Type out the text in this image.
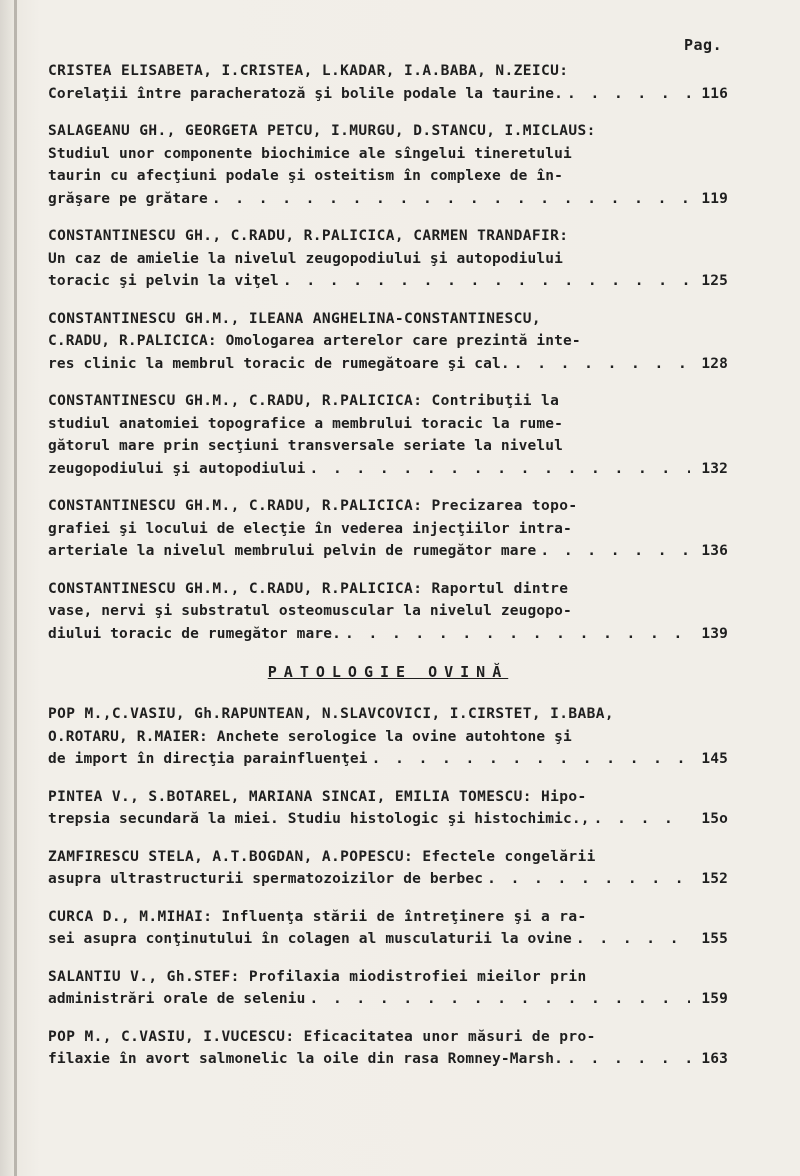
Pag.
CRISTEA ELISABETA, I.CRISTEA, L.KADAR, I.A.BABA, N.ZEICU:
Corelaţii între paracheratoză şi bolile podale la taurine. . . .	116
SALAGEANU GH., GEORGETA PETCU, I.MURGU, D.STANCU, I.MICLAUS:
Studiul unor componente biochimice ale sîngelui tineretului
taurin cu afecţiuni podale şi osteitism în complexe de în-
grăşare pe grătare . . .	119
CONSTANTINESCU GH., C.RADU, R.PALICICA, CARMEN TRANDAFIR:
Un caz de amielie la nivelul zeugopodiului şi autopodiului
toracic şi pelvin la viţel . . .	125
CONSTANTINESCU GH.M., ILEANA ANGHELINA-CONSTANTINESCU,
C.RADU, R.PALICICA: Omologarea arterelor care prezintă inte-
res clinic la membrul toracic de rumegătoare şi cal. . . .	128
CONSTANTINESCU GH.M., C.RADU, R.PALICICA: Contribuţii la
studiul anatomiei topografice a membrului toracic la rume-
gătorul mare prin secţiuni transversale seriate la nivelul
zeugopodiului şi autopodiului . . .	132
CONSTANTINESCU GH.M., C.RADU, R.PALICICA: Precizarea topo-
grafiei şi locului de elecţie în vederea injecţiilor intra-
arteriale la nivelul membrului pelvin de rumegător mare . . .	136
CONSTANTINESCU GH.M., C.RADU, R.PALICICA: Raportul dintre
vase, nervi şi substratul osteomuscular la nivelul zeugopo-
diului toracic de rumegător mare. . . .	139
PATOLOGIE OVINĂ
POP M.,C.VASIU, Gh.RAPUNTEAN, N.SLAVCOVICI, I.CIRSTET, I.BABA,
O.ROTARU, R.MAIER: Anchete serologice la ovine autohtone şi
de import în direcţia parainfluenţei . . .	145
PINTEA V., S.BOTAREL, MARIANA SINCAI, EMILIA TOMESCU: Hipo-
trepsia secundară la miei. Studiu histologic şi histochimic., . . .	15o
ZAMFIRESCU STELA, A.T.BOGDAN, A.POPESCU: Efectele congelării
asupra ultrastructurii spermatozoizilor de berbec . . .	152
CURCA D., M.MIHAI: Influenţa stării de întreţinere şi a ra-
sei asupra conţinutului în colagen al musculaturii la ovine . . .	155
SALANTIU V., Gh.STEF: Profilaxia miodistrofiei mieilor prin
administrări orale de seleniu . . .	159
POP M., C.VASIU, I.VUCESCU: Eficacitatea unor măsuri de pro-
filaxie în avort salmonelic la oile din rasa Romney-Marsh. . . .	163
